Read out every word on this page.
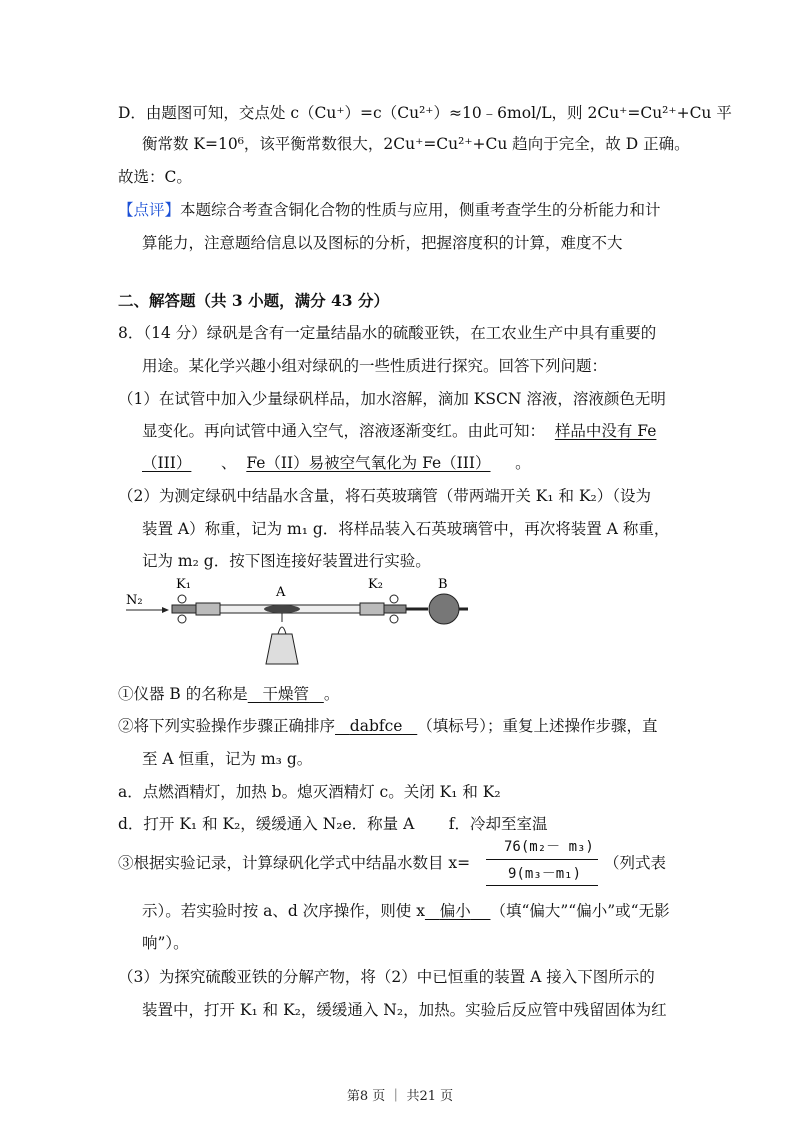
D．由题图可知，交点处 c（Cu⁺）=c（Cu²⁺）≈10﹣6mol/L，则 2Cu⁺=Cu²⁺+Cu 平
衡常数 K=10⁶，该平衡常数很大，2Cu⁺=Cu²⁺+Cu 趋向于完全，故 D 正确。
故选：C。
【点评】本题综合考查含铜化合物的性质与应用，侧重考查学生的分析能力和计
算能力，注意题给信息以及图标的分析，把握溶度积的计算，难度不大
二、解答题（共 3 小题，满分 43 分）
8．（14 分）绿矾是含有一定量结晶水的硫酸亚铁，在工农业生产中具有重要的
用途。某化学兴趣小组对绿矾的一些性质进行探究。回答下列问题：
（1）在试管中加入少量绿矾样品，加水溶解，滴加 KSCN 溶液，溶液颜色无明
显变化。再向试管中通入空气，溶液逐渐变红。由此可知： 样品中没有 Fe
（III） 、 Fe（II）易被空气氧化为 Fe（III） 。
（2）为测定绿矾中结晶水含量，将石英玻璃管（带两端开关 K₁ 和 K₂）（设为
装置 A）称重，记为 m₁ g．将样品装入石英玻璃管中，再次将装置 A 称重，
记为 m₂ g．按下图连接好装置进行实验。
N₂
K₁
A
K₂	B
①仪器 B 的名称是 干燥管 。
②将下列实验操作步骤正确排序 dabfce （填标号）；重复上述操作步骤，直
至 A 恒重，记为 m₃ g。
a．点燃酒精灯，加热 b。熄灭酒精灯 c。关闭 K₁ 和 K₂
d．打开 K₁ 和 K₂，缓缓通入 N₂e．称量 A f．冷却至室温
③根据实验记录，计算绿矾化学式中结晶水数目 x=
76(m₂－ m₃)
9(m₃－m₁)
（列式表
示）。若实验时按 a、d 次序操作，则使 x 偏小 （填“偏大”“偏小”或“无影
响”）。
（3）为探究硫酸亚铁的分解产物，将（2）中已恒重的装置 A 接入下图所示的
装置中，打开 K₁ 和 K₂，缓缓通入 N₂，加热。实验后反应管中残留固体为红
第8 页 ｜ 共21 页
